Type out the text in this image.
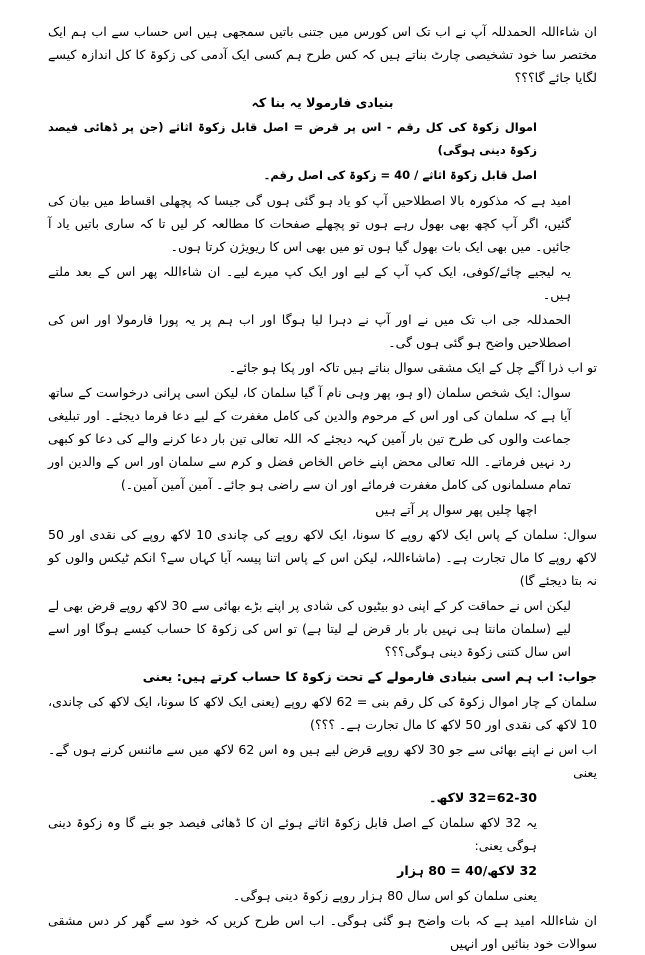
ان شاءاللہ الحمدللہ آپ نے اب تک اس کورس میں جتنی باتیں سمجھی ہیں اس حساب سے اب ہم ایک مختصر سا خود تشخیصی چارٹ بناتے ہیں کہ کس طرح ہم کسی ایک آدمی کی زکوۃ کا کل اندازہ کیسے لگایا جائے گا؟؟؟

بنیادی فارمولا یہ بنا کہ

اموال زکوۃ کی کل رقم - اس پر قرض = اصل قابل زکوۃ اثاثے (جن پر ڈھائی فیصد زکوۃ دینی ہوگی)

اصل قابل زکوۃ اثاثے / 40 = زکوۃ کی اصل رقم۔

امید ہے کہ مذکورہ بالا اصطلاحیں آپ کو یاد ہو گئی ہوں گی جیسا کہ پچھلی اقساط میں بیان کی گئیں، اگر آپ کچھ بھی بھول رہے ہوں تو پچھلے صفحات کا مطالعہ کر لیں تا کہ ساری باتیں یاد آ جائیں۔ میں بھی ایک بات بھول گیا ہوں تو میں بھی اس کا ریویژن کرتا ہوں۔

یہ لیجیے چائے/کوفی، ایک کپ آپ کے لیے اور ایک کپ میرے لیے۔ ان شاءاللہ پھر اس کے بعد ملتے ہیں۔

الحمدللہ جی اب تک میں نے اور آپ نے دہرا لیا ہوگا اور اب ہم پر یہ پورا فارمولا اور اس کی اصطلاحیں واضح ہو گئی ہوں گی۔

تو اب ذرا آگے چل کے ایک مشقی سوال بناتے ہیں تاکہ اور پکا ہو جائے۔

سوال: ایک شخص سلمان (او ہو، پھر وہی نام آ گیا سلمان کا، لیکن اسی پرانی درخواست کے ساتھ آیا ہے کہ سلمان کی اور اس کے مرحوم والدین کی کامل مغفرت کے لیے دعا فرما دیجئے۔ اور تبلیغی جماعت والوں کی طرح تین بار آمین کہہ دیجئے کہ اللہ تعالی تین بار دعا کرنے والے کی دعا کو کبھی رد نہیں فرماتے۔ اللہ تعالی محض اپنے خاص الخاص فضل و کرم سے سلمان اور اس کے والدین اور تمام مسلمانوں کی کامل مغفرت فرمائے اور ان سے راضی ہو جائے۔ آمین آمین آمین۔)

اچھا چلیں پھر سوال پر آتے ہیں

سوال: سلمان کے پاس ایک لاکھ روپے کا سونا، ایک لاکھ روپے کی چاندی 10 لاکھ روپے کی نقدی اور 50 لاکھ روپے کا مال تجارت ہے۔ (ماشاءاللہ، لیکن اس کے پاس اتنا پیسہ آیا کہاں سے؟ انکم ٹیکس والوں کو نہ بتا دیجئے گا)

لیکن اس نے حماقت کر کے اپنی دو بیٹیوں کی شادی پر اپنے بڑے بھائی سے 30 لاکھ روپے قرض بھی لے لیے (سلمان مانتا ہی نہیں بار بار قرض لے لیتا ہے) تو اس کی زکوۃ کا حساب کیسے ہوگا اور اسے اس سال کتنی زکوۃ دینی ہوگی؟؟؟

جواب: اب ہم اسی بنیادی فارمولے کے تحت زکوۃ کا حساب کرتے ہیں: یعنی

سلمان کے چار اموال زکوۃ کی کل رقم بنی = 62 لاکھ روپے (یعنی ایک لاکھ کا سونا، ایک لاکھ کی چاندی، 10 لاکھ کی نقدی اور 50 لاکھ کا مال تجارت ہے۔ ؟؟؟)

اب اس نے اپنے بھائی سے جو 30 لاکھ روپے قرض لیے ہیں وہ اس 62 لاکھ میں سے مائنس کرنے ہوں گے۔ یعنی

62-30=32 لاکھ۔

یہ 32 لاکھ سلمان کے اصل قابل زکوۃ اثاثے ہوئے ان کا ڈھائی فیصد جو بنے گا وہ زکوۃ دینی ہوگی یعنی:

32 لاکھ/40 = 80 ہزار

یعنی سلمان کو اس سال 80 ہزار روپے زکوۃ دینی ہوگی۔

ان شاءاللہ امید ہے کہ بات واضح ہو گئی ہوگی۔ اب اس طرح کریں کہ خود سے گھر کر دس مشقی سوالات خود بنائیں اور انہیں
